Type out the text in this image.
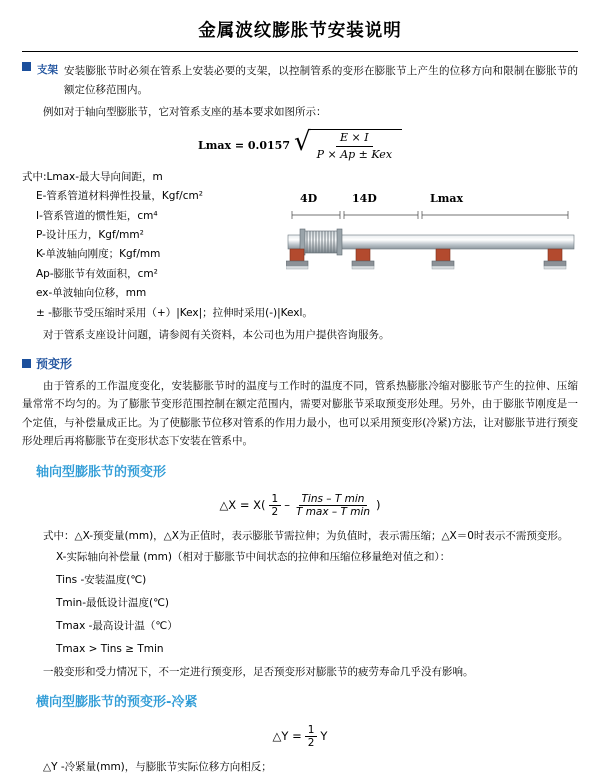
金属波纹膨胀节安装说明
支架 安装膨胀节时必须在管系上安装必要的支架，以控制管系的变形在膨胀节上产生的位移方向和限制在膨胀节的额定位移范围内。

例如对于轴向型膨胀节，它对管系支座的基本要求如图所示：

Lmax = 0.0157 √ $\frac{E \times I}{\text{P × Ap ± Kex}}$
式中:Lmax-最大导向间距，m
E-管系管道材料弹性投量，Kgf/cm²
I-管系管道的惯性矩，cm⁴
P-设计压力，Kgf/mm²
K-单波轴向刚度；Kgf/mm
Ap-膨胀节有效面积，cm²
ex-单波轴向位移，mm
± -膨胀节受压缩时采用（+）|Kex|；拉伸时采用(-)|Kexl。
4D	14D	Lmax

对于管系支座设计问题，请参阅有关资料，本公司也为用户提供咨询服务。

预变形

由于管系的工作温度变化，安装膨胀节时的温度与工作时的温度不同，管系热膨胀冷缩对膨胀节产生的拉伸、压缩量常常不均匀的。为了膨胀节变形范围控制在额定范围内，需要对膨胀节采取预变形处理。另外，由于膨胀节刚度是一个定值，与补偿量成正比。为了使膨胀节位移对管系的作用力最小，也可以采用预变形(冷紧)方法，让对膨胀节进行预变形处理后再将膨胀节在变形状态下安装在管系中。

轴向型膨胀节的预变形
△X = $X( \frac{1}{2} - \frac{\text{Tins – T min}}{\text{T max – T min}}$ )

式中：△X-预变量(mm)，△X为正值时，表示膨胀节需拉伸；为负值时，表示需压缩；△X＝0时表示不需预变形。

X-实际轴向补偿量 (mm)（相对于膨胀节中间状态的拉伸和压缩位移量绝对值之和）：
Tins -安装温度(℃)
Tmin-最低设计温度(℃)
Tmax -最高设计温（℃）
Tmax > Tins ≥ Tmin

一般变形和受力情况下，不一定进行预变形，足否预变形对膨胀节的疲劳寿命几乎没有影响。

横向型膨胀节的预变形-冷紧
△Y = $\frac{1}{2}$ Y

△Y -冷紧量(mm)，与膨胀节实际位移方向相反；
